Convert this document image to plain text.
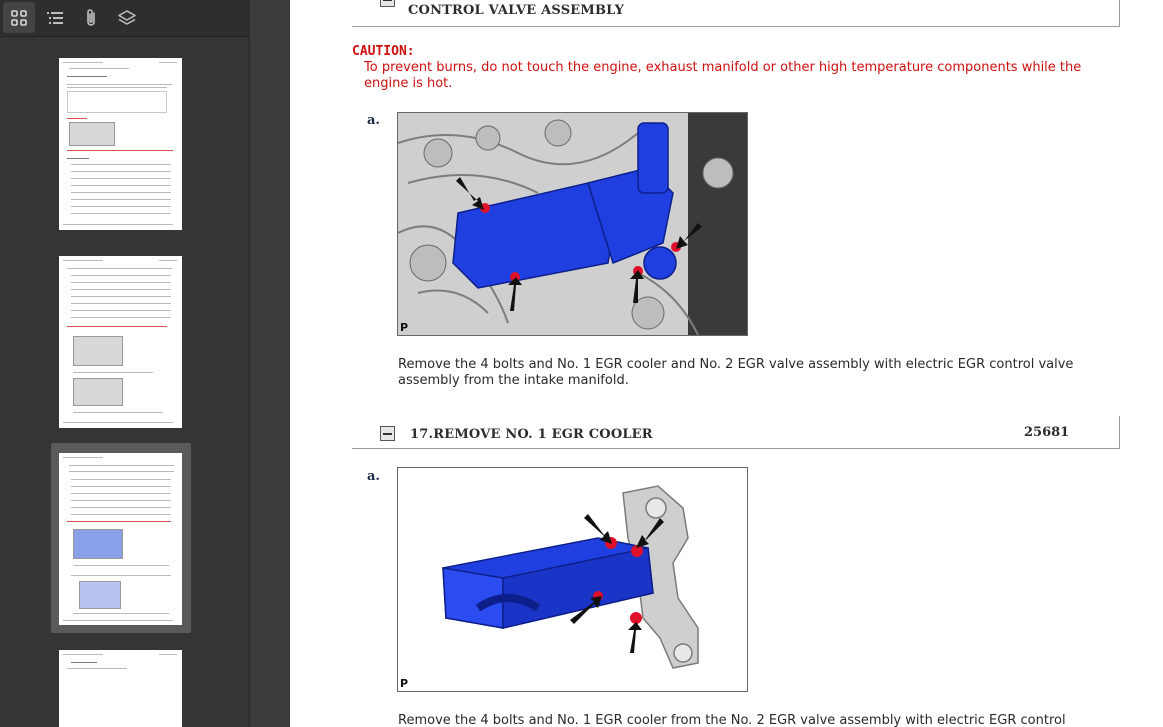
CONTROL VALVE ASSEMBLY
CAUTION:
To prevent burns, do not touch the engine, exhaust manifold or other high temperature components while the engine is hot.
a.
P
Remove the 4 bolts and No. 1 EGR cooler and No. 2 EGR valve assembly with electric EGR control valve assembly from the intake manifold.
17.REMOVE NO. 1 EGR COOLER	25681
a.
P
Remove the 4 bolts and No. 1 EGR cooler from the No. 2 EGR valve assembly with electric EGR control
